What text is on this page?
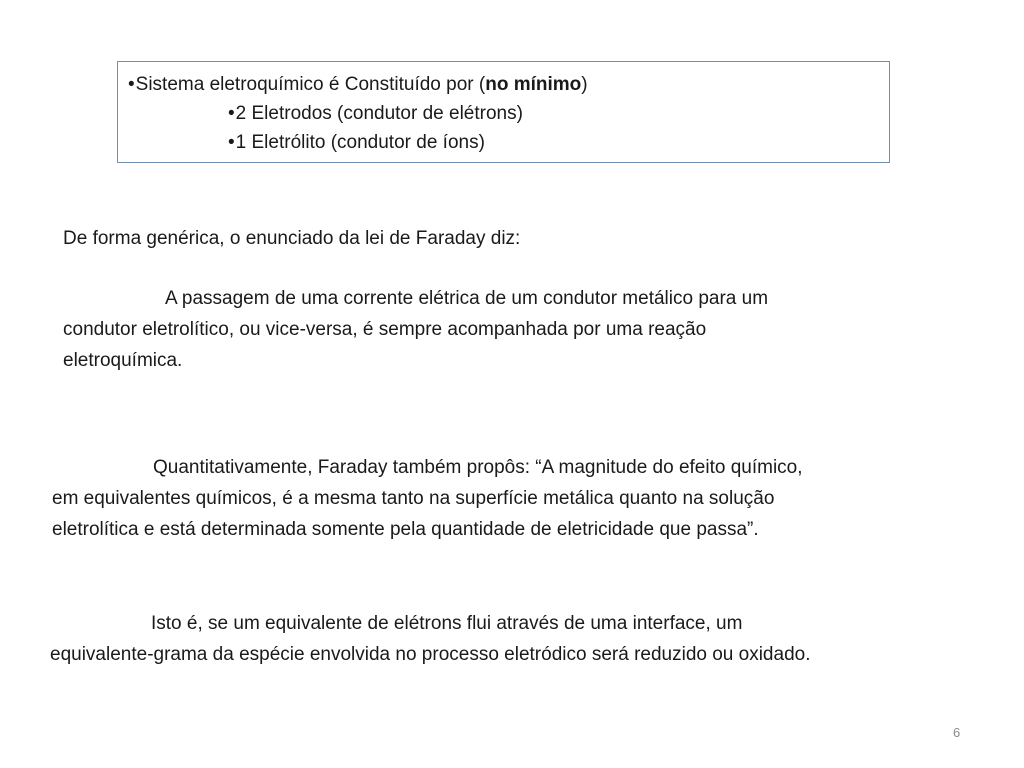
•Sistema eletroquímico é Constituído por (no mínimo)
•2 Eletrodos (condutor de elétrons)
•1 Eletrólito (condutor de íons)
De forma genérica, o enunciado da lei de Faraday diz:
A passagem de uma corrente elétrica de um condutor metálico para um
condutor eletrolítico, ou vice-versa, é sempre acompanhada por uma reação
eletroquímica.
Quantitativamente, Faraday também propôs: “A magnitude do efeito químico,
em equivalentes químicos, é a mesma tanto na superfície metálica quanto na solução
eletrolítica e está determinada somente pela quantidade de eletricidade que passa”.
Isto é, se um equivalente de elétrons flui através de uma interface, um
equivalente-grama da espécie envolvida no processo eletródico será reduzido ou oxidado.
6
